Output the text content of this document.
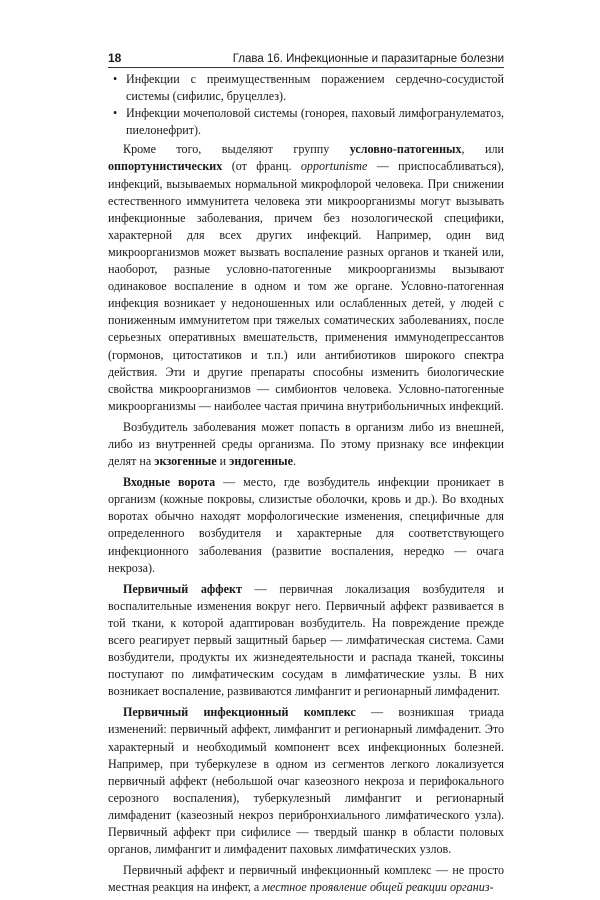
18	Глава 16. Инфекционные и паразитарные болезни

• Инфекции с преимущественным поражением сердечно-сосудистой системы (сифилис, бруцеллез).

• Инфекции мочеполовой системы (гонорея, паховый лимфогранулематоз, пиелонефрит).

Кроме того, выделяют группу условно-патогенных, или оппортунистических (от франц. opportunisme — приспосабливаться), инфекций, вызываемых нормальной микрофлорой человека. При снижении естественного иммунитета человека эти микроорганизмы могут вызывать инфекционные заболевания, причем без нозологической специфики, характерной для всех других инфекций. Например, один вид микроорганизмов может вызвать воспаление разных органов и тканей или, наоборот, разные условно-патогенные микроорганизмы вызывают одинаковое воспаление в одном и том же органе. Условно-патогенная инфекция возникает у недоношенных или ослабленных детей, у людей с пониженным иммунитетом при тяжелых соматических заболеваниях, после серьезных оперативных вмешательств, применения иммунодепрессантов (гормонов, цитостатиков и т.п.) или антибиотиков широкого спектра действия. Эти и другие препараты способны изменить биологические свойства микроорганизмов — симбионтов человека. Условно-патогенные микроорганизмы — наиболее частая причина внутрибольничных инфекций.

Возбудитель заболевания может попасть в организм либо из внешней, либо из внутренней среды организма. По этому признаку все инфекции делят на экзогенные и эндогенные.

Входные ворота — место, где возбудитель инфекции проникает в организм (кожные покровы, слизистые оболочки, кровь и др.). Во входных воротах обычно находят морфологические изменения, специфичные для определенного возбудителя и характерные для соответствующего инфекционного заболевания (развитие воспаления, нередко — очага некроза).

Первичный аффект — первичная локализация возбудителя и воспалительные изменения вокруг него. Первичный аффект развивается в той ткани, к которой адаптирован возбудитель. На повреждение прежде всего реагирует первый защитный барьер — лимфатическая система. Сами возбудители, продукты их жизнедеятельности и распада тканей, токсины поступают по лимфатическим сосудам в лимфатические узлы. В них возникает воспаление, развиваются лимфангит и регионарный лимфаденит.

Первичный инфекционный комплекс — возникшая триада изменений: первичный аффект, лимфангит и регионарный лимфаденит. Это характерный и необходимый компонент всех инфекционных болезней. Например, при туберкулезе в одном из сегментов легкого локализуется первичный аффект (небольшой очаг казеозного некроза и перифокального серозного воспаления), туберкулезный лимфангит и регионарный лимфаденит (казеозный некроз перибронхиального лимфатического узла). Первичный аффект при сифилисе — твердый шанкр в области половых органов, лимфангит и лимфаденит паховых лимфатических узлов.

Первичный аффект и первичный инфекционный комплекс — не просто местная реакция на инфект, а местное проявление общей реакции организ-
